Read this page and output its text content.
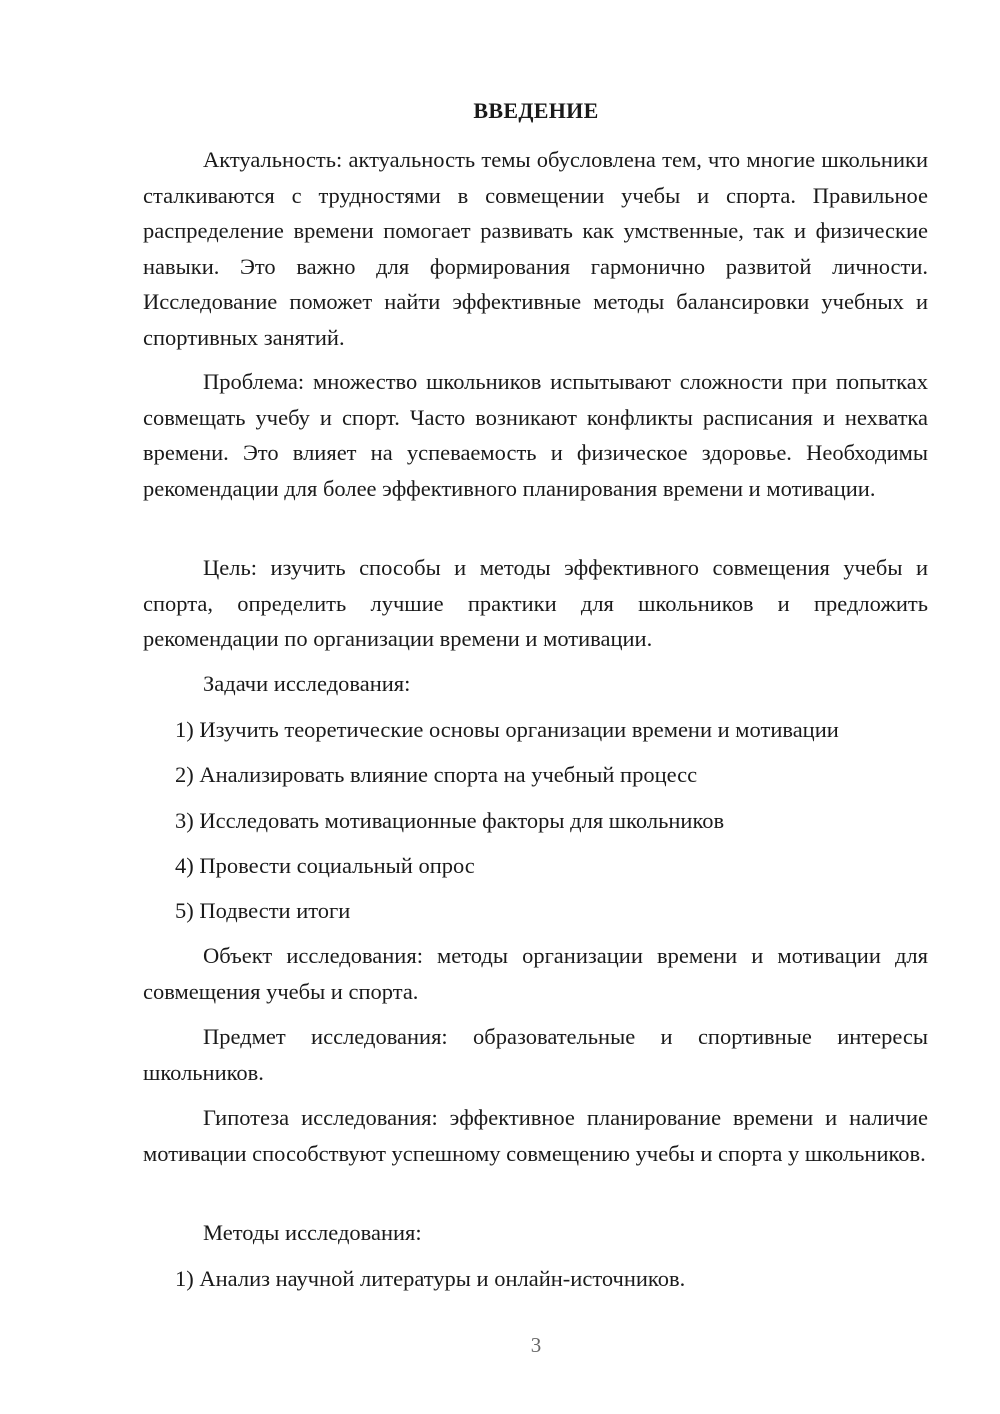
ВВЕДЕНИЕ

Актуальность: актуальность темы обусловлена тем, что многие школьники сталкиваются с трудностями в совмещении учебы и спорта. Правильное распределение времени помогает развивать как умственные, так и физические навыки. Это важно для формирования гармонично развитой личности. Исследование поможет найти эффективные методы балансировки учебных и спортивных занятий.

Проблема: множество школьников испытывают сложности при попытках совмещать учебу и спорт. Часто возникают конфликты расписания и нехватка времени. Это влияет на успеваемость и физическое здоровье. Необходимы рекомендации для более эффективного планирования времени и мотивации.

Цель: изучить способы и методы эффективного совмещения учебы и спорта, определить лучшие практики для школьников и предложить рекомендации по организации времени и мотивации.

Задачи исследования:

1) Изучить теоретические основы организации времени и мотивации

2) Анализировать влияние спорта на учебный процесс

3) Исследовать мотивационные факторы для школьников

4) Провести социальный опрос

5) Подвести итоги

Объект исследования: методы организации времени и мотивации для совмещения учебы и спорта.

Предмет исследования: образовательные и спортивные интересы школьников.

Гипотеза исследования: эффективное планирование времени и наличие мотивации способствуют успешному совмещению учебы и спорта у школьников.

Методы исследования:

1) Анализ научной литературы и онлайн-источников.

3
